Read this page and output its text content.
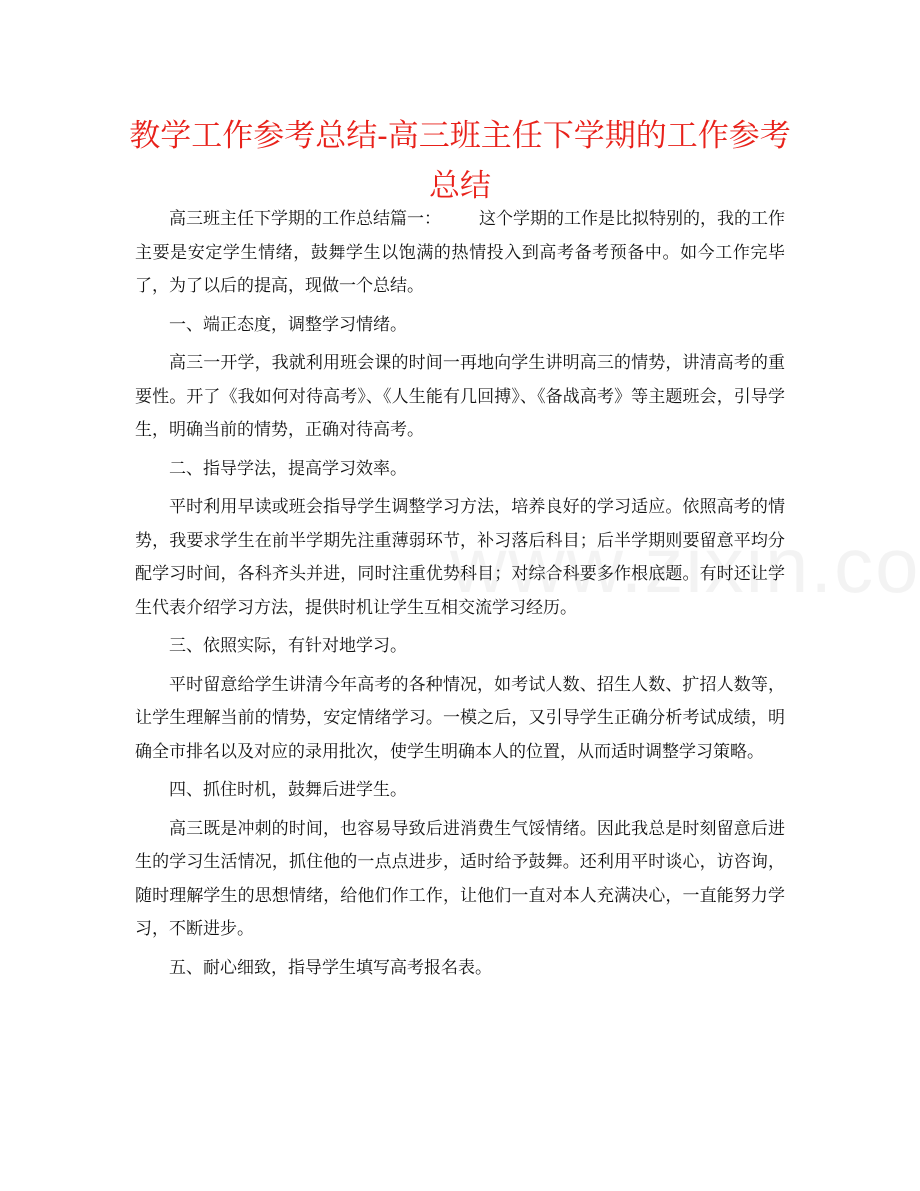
教学工作参考总结-高三班主任下学期的工作参考总结

高三班主任下学期的工作总结篇一： 这个学期的工作是比拟特别的，我的工作主要是安定学生情绪，鼓舞学生以饱满的热情投入到高考备考预备中。如今工作完毕了，为了以后的提高，现做一个总结。

一、端正态度，调整学习情绪。

高三一开学，我就利用班会课的时间一再地向学生讲明高三的情势，讲清高考的重要性。开了《我如何对待高考》、《人生能有几回搏》、《备战高考》等主题班会，引导学生，明确当前的情势，正确对待高考。

二、指导学法，提高学习效率。

平时利用早读或班会指导学生调整学习方法，培养良好的学习适应。依照高考的情势，我要求学生在前半学期先注重薄弱环节，补习落后科目；后半学期则要留意平均分配学习时间，各科齐头并进，同时注重优势科目；对综合科要多作根底题。有时还让学生代表介绍学习方法，提供时机让学生互相交流学习经历。

三、依照实际，有针对地学习。

平时留意给学生讲清今年高考的各种情况，如考试人数、招生人数、扩招人数等，让学生理解当前的情势，安定情绪学习。一模之后，又引导学生正确分析考试成绩，明确全市排名以及对应的录用批次，使学生明确本人的位置，从而适时调整学习策略。

四、抓住时机，鼓舞后进学生。

高三既是冲刺的时间，也容易导致后进消费生气馁情绪。因此我总是时刻留意后进生的学习生活情况，抓住他的一点点进步，适时给予鼓舞。还利用平时谈心，访咨询，随时理解学生的思想情绪，给他们作工作，让他们一直对本人充满决心，一直能努力学习，不断进步。

五、耐心细致，指导学生填写高考报名表。
